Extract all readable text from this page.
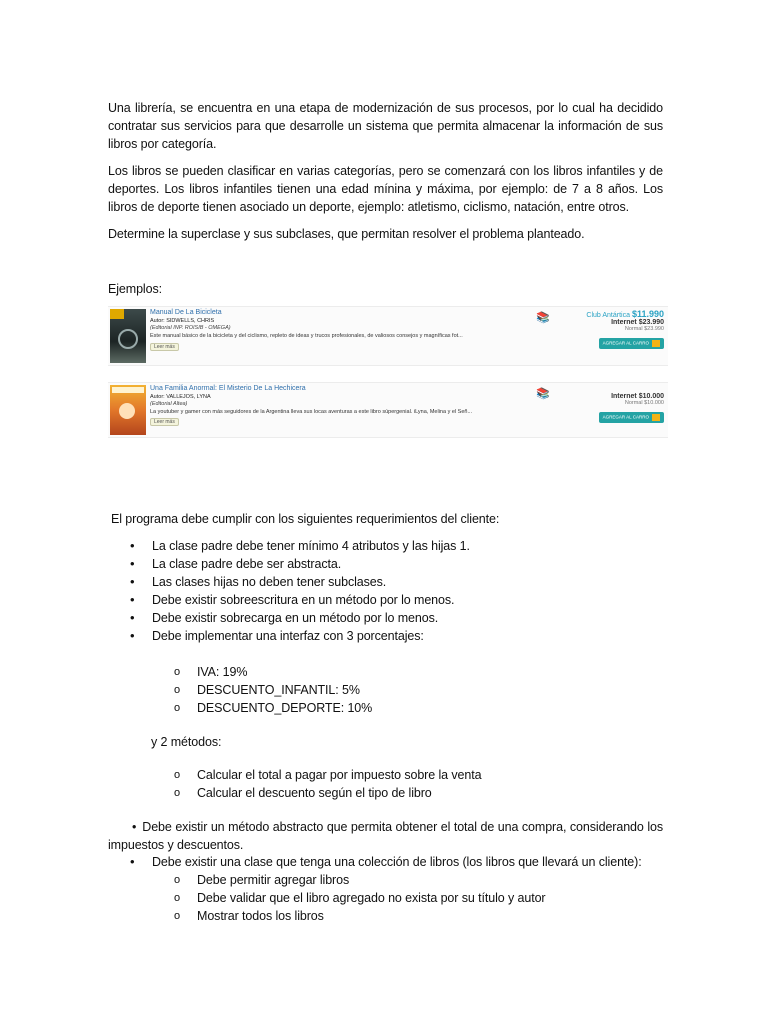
Una librería, se encuentra en una etapa de modernización de sus procesos, por lo cual ha decidido contratar sus servicios para que desarrolle un sistema que permita almacenar la información de sus libros por categoría.

Los libros se pueden clasificar en varias categorías, pero se comenzará con los libros infantiles y de deportes. Los libros infantiles tienen una edad mínina y máxima, por ejemplo: de 7 a 8 años. Los libros de deporte tienen asociado un deporte, ejemplo: atletismo, ciclismo, natación, entre otros.

Determine la superclase y sus subclases, que permitan resolver el problema planteado.

Ejemplos:

Manual De La Bicicleta
Autor: SIDWELLS, CHRIS
(Editorial INP. ROISIB - OMEGA)
Este manual básico de la bicicleta y del ciclismo, repleto de ideas y trucos profesionales, de valiosos consejos y magníficas fot...
Leer más
📚	Club Antártica $11.990
Internet $23.990
Normal $23.990
AGREGAR AL CARRO
Una Familia Anormal: El Misterio De La Hechicera
Autor: VALLEJOS, LYNA
(Editorial Altea)
La youtuber y gamer con más seguidores de la Argentina lleva sus locas aventuras a este libro súpergenial. iLyna, Melina y el Señ...
Leer más
📚	Internet $10.000
Normal $10.000
AGREGAR AL CARRO

El programa debe cumplir con los siguientes requerimientos del cliente:

• La clase padre debe tener mínimo 4 atributos y las hijas 1.
• La clase padre debe ser abstracta.
• Las clases hijas no deben tener subclases.
• Debe existir sobreescritura en un método por lo menos.
• Debe existir sobrecarga en un método por lo menos.
• Debe implementar una interfaz con 3 porcentajes:
o IVA: 19%
o DESCUENTO_INFANTIL: 5%
o DESCUENTO_DEPORTE: 10%

y 2 métodos:

o Calcular el total a pagar por impuesto sobre la venta
o Calcular el descuento según el tipo de libro

• Debe existir un método abstracto que permita obtener el total de una compra, considerando los impuestos y descuentos.

• Debe existir una clase que tenga una colección de libros (los libros que llevará un cliente):

o Debe permitir agregar libros
o Debe validar que el libro agregado no exista por su título y autor
o Mostrar todos los libros
